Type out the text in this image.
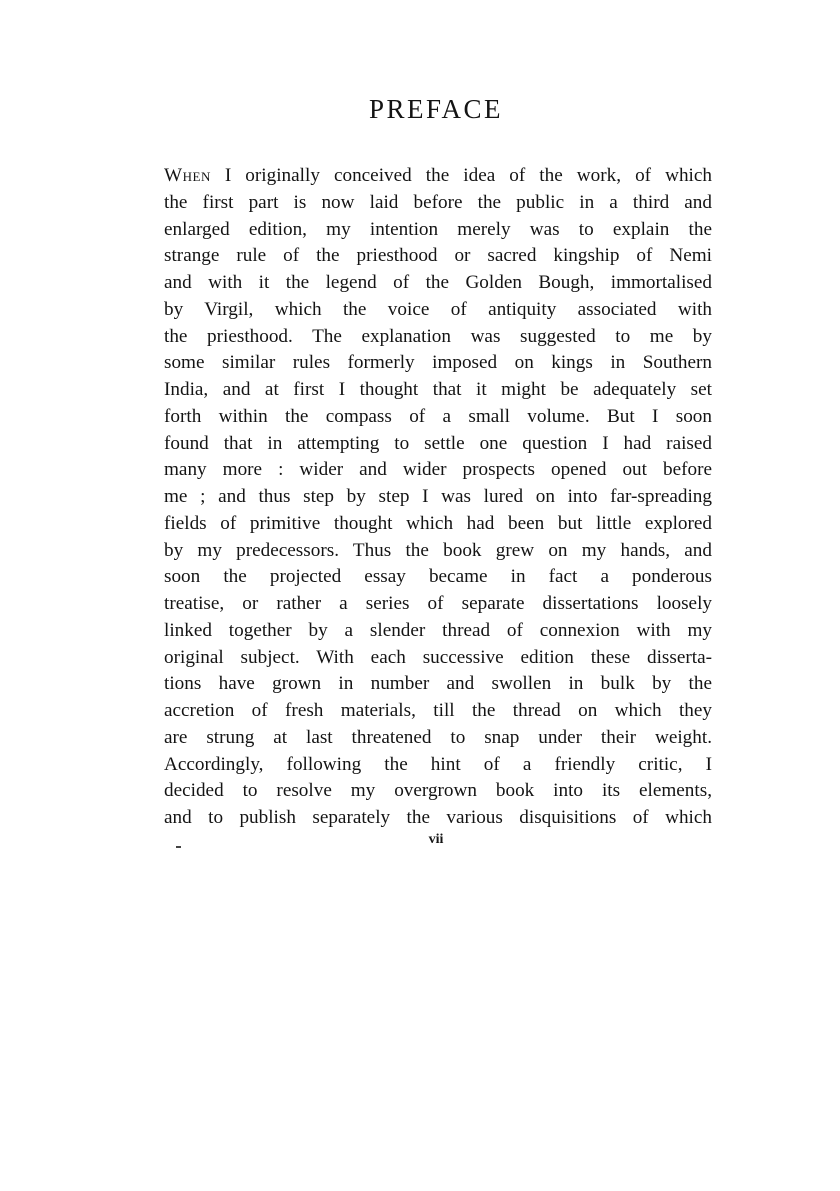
PREFACE
When I originally conceived the idea of the work, of which
the first part is now laid before the public in a third and
enlarged edition, my intention merely was to explain the
strange rule of the priesthood or sacred kingship of Nemi
and with it the legend of the Golden Bough, immortalised
by Virgil, which the voice of antiquity associated with
the priesthood. The explanation was suggested to me by
some similar rules formerly imposed on kings in Southern
India, and at first I thought that it might be adequately set
forth within the compass of a small volume. But I soon
found that in attempting to settle one question I had raised
many more : wider and wider prospects opened out before
me ; and thus step by step I was lured on into far-spreading
fields of primitive thought which had been but little explored
by my predecessors. Thus the book grew on my hands, and
soon the projected essay became in fact a ponderous
treatise, or rather a series of separate dissertations loosely
linked together by a slender thread of connexion with my
original subject. With each successive edition these disserta-
tions have grown in number and swollen in bulk by the
accretion of fresh materials, till the thread on which they
are strung at last threatened to snap under their weight.
Accordingly, following the hint of a friendly critic, I
decided to resolve my overgrown book into its elements,
and to publish separately the various disquisitions of which
vii
